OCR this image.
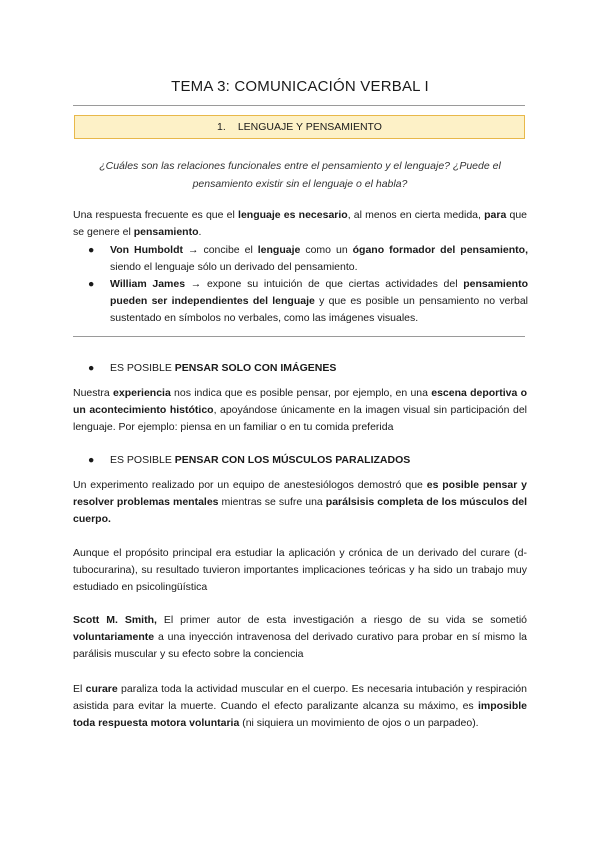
TEMA 3: COMUNICACIÓN VERBAL I
1. LENGUAJE Y PENSAMIENTO
¿Cuáles son las relaciones funcionales entre el pensamiento y el lenguaje? ¿Puede el
pensamiento existir sin el lenguaje o el habla?
Una respuesta frecuente es que el lenguaje es necesario, al menos en cierta medida, para que se genere el pensamiento.
●	Von Humboldt → concibe el lenguaje como un ógano formador del pensamiento, siendo el lenguaje sólo un derivado del pensamiento.
●	William James → expone su intuición de que ciertas actividades del pensamiento pueden ser independientes del lenguaje y que es posible un pensamiento no verbal sustentado en símbolos no verbales, como las imágenes visuales.
● ES POSIBLE PENSAR SOLO CON IMÁGENES
Nuestra experiencia nos indica que es posible pensar, por ejemplo, en una escena deportiva o un acontecimiento histótico, apoyándose únicamente en la imagen visual sin participación del lenguaje. Por ejemplo: piensa en un familiar o en tu comida preferida
● ES POSIBLE PENSAR CON LOS MÚSCULOS PARALIZADOS
Un experimento realizado por un equipo de anestesiólogos demostró que es posible pensar y resolver problemas mentales mientras se sufre una parálsisis completa de los músculos del cuerpo.
Aunque el propósito principal era estudiar la aplicación y crónica de un derivado del curare (d-tubocurarina), su resultado tuvieron importantes implicaciones teóricas y ha sido un trabajo muy estudiado en psicolingüística
Scott M. Smith, El primer autor de esta investigación a riesgo de su vida se sometió voluntariamente a una inyección intravenosa del derivado curativo para probar en sí mismo la parálisis muscular y su efecto sobre la conciencia
El curare paraliza toda la actividad muscular en el cuerpo. Es necesaria intubación y respiración asistida para evitar la muerte. Cuando el efecto paralizante alcanza su máximo, es imposible toda respuesta motora voluntaria (ni siquiera un movimiento de ojos o un parpadeo).
